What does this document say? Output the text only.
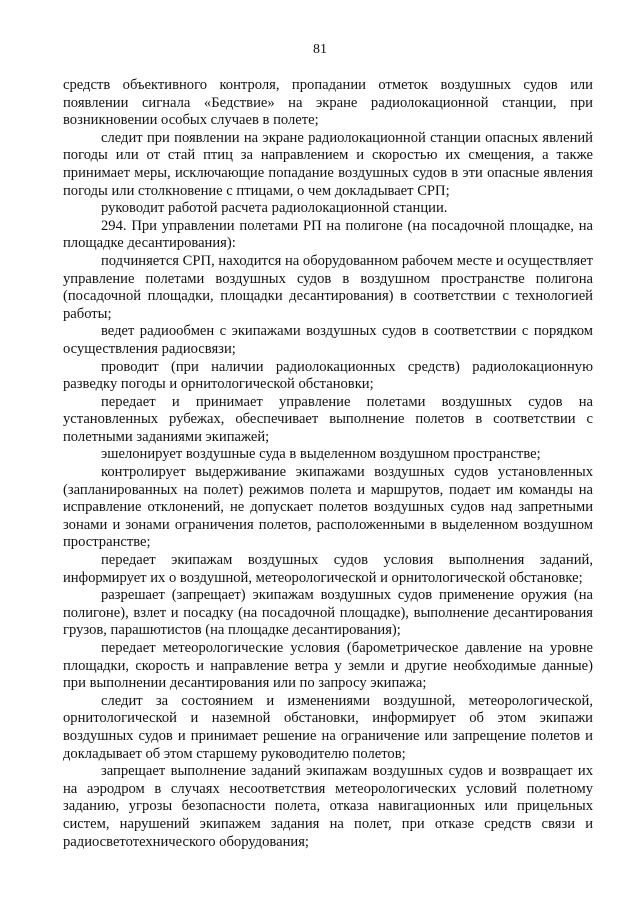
81

средств объективного контроля, пропадании отметок воздушных судов или появлении сигнала «Бедствие» на экране радиолокационной станции, при возникновении особых случаев в полете;

следит при появлении на экране радиолокационной станции опасных явлений погоды или от стай птиц за направлением и скоростью их смещения, а также принимает меры, исключающие попадание воздушных судов в эти опасные явления погоды или столкновение с птицами, о чем докладывает СРП;

руководит работой расчета радиолокационной станции.

294. При управлении полетами РП на полигоне (на посадочной площадке, на площадке десантирования):

подчиняется СРП, находится на оборудованном рабочем месте и осуществляет управление полетами воздушных судов в воздушном пространстве полигона (посадочной площадки, площадки десантирования) в соответствии с технологией работы;

ведет радиообмен с экипажами воздушных судов в соответствии с порядком осуществления радиосвязи;

проводит (при наличии радиолокационных средств) радиолокационную разведку погоды и орнитологической обстановки;

передает и принимает управление полетами воздушных судов на установленных рубежах, обеспечивает выполнение полетов в соответствии с полетными заданиями экипажей;

эшелонирует воздушные суда в выделенном воздушном пространстве;

контролирует выдерживание экипажами воздушных судов установленных (запланированных на полет) режимов полета и маршрутов, подает им команды на исправление отклонений, не допускает полетов воздушных судов над запретными зонами и зонами ограничения полетов, расположенными в выделенном воздушном пространстве;

передает экипажам воздушных судов условия выполнения заданий, информирует их о воздушной, метеорологической и орнитологической обстановке;

разрешает (запрещает) экипажам воздушных судов применение оружия (на полигоне), взлет и посадку (на посадочной площадке), выполнение десантирования грузов, парашютистов (на площадке десантирования);

передает метеорологические условия (барометрическое давление на уровне площадки, скорость и направление ветра у земли и другие необходимые данные) при выполнении десантирования или по запросу экипажа;

следит за состоянием и изменениями воздушной, метеорологической, орнитологической и наземной обстановки, информирует об этом экипажи воздушных судов и принимает решение на ограничение или запрещение полетов и докладывает об этом старшему руководителю полетов;

запрещает выполнение заданий экипажам воздушных судов и возвращает их на аэродром в случаях несоответствия метеорологических условий полетному заданию, угрозы безопасности полета, отказа навигационных или прицельных систем, нарушений экипажем задания на полет, при отказе средств связи и радиосветотехнического оборудования;
